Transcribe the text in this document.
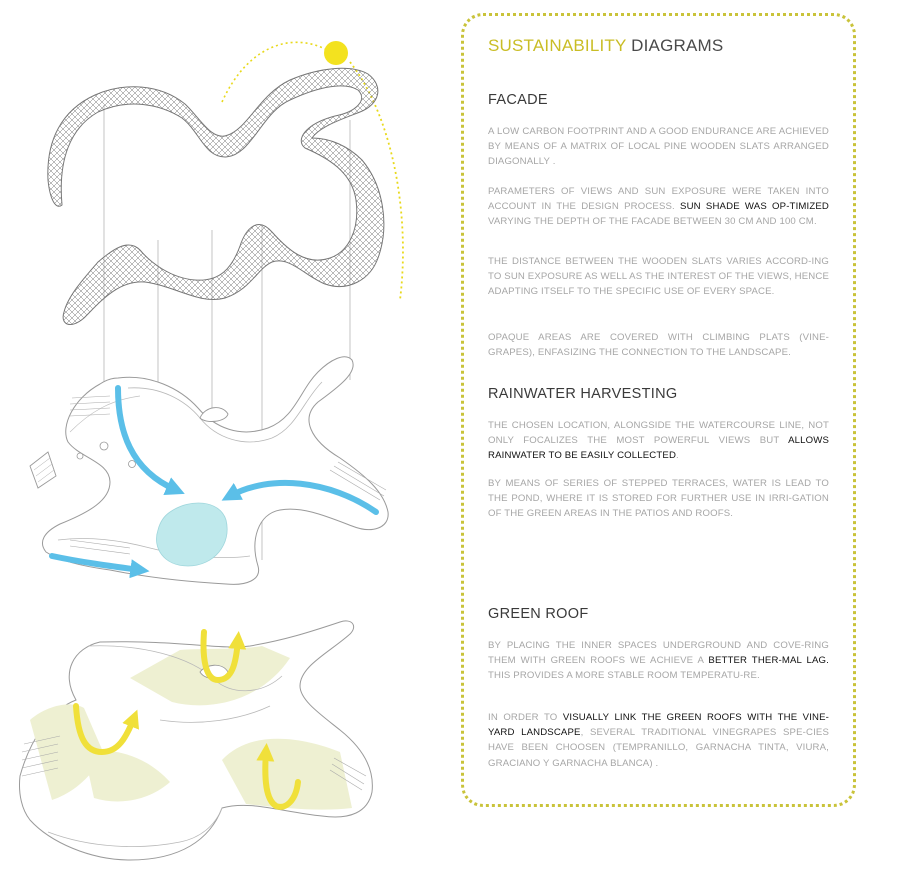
SUSTAINABILITY DIAGRAMS
FACADE

A LOW CARBON FOOTPRINT AND A GOOD ENDURANCE ARE ACHIEVED BY MEANS OF A MATRIX OF LOCAL PINE WOODEN SLATS ARRANGED DIAGONALLY .

PARAMETERS OF VIEWS AND SUN EXPOSURE WERE TAKEN INTO ACCOUNT IN THE DESIGN PROCESS. SUN SHADE WAS OP-TIMIZED VARYING THE DEPTH OF THE FACADE BETWEEN 30 CM AND 100 CM.

THE DISTANCE BETWEEN THE WOODEN SLATS VARIES ACCORD-ING TO SUN EXPOSURE AS WELL AS THE INTEREST OF THE VIEWS, HENCE ADAPTING ITSELF TO THE SPECIFIC USE OF EVERY SPACE.

OPAQUE AREAS ARE COVERED WITH CLIMBING PLATS (VINE-GRAPES), ENFASIZING THE CONNECTION TO THE LANDSCAPE.

RAINWATER HARVESTING

THE CHOSEN LOCATION, ALONGSIDE THE WATERCOURSE LINE, NOT ONLY FOCALIZES THE MOST POWERFUL VIEWS BUT ALLOWS RAINWATER TO BE EASILY COLLECTED.

BY MEANS OF SERIES OF STEPPED TERRACES, WATER IS LEAD TO THE POND, WHERE IT IS STORED FOR FURTHER USE IN IRRI-GATION OF THE GREEN AREAS IN THE PATIOS AND ROOFS.

GREEN ROOF

BY PLACING THE INNER SPACES UNDERGROUND AND COVE-RING THEM WITH GREEN ROOFS WE ACHIEVE A BETTER THER-MAL LAG. THIS PROVIDES A MORE STABLE ROOM TEMPERATU-RE.

IN ORDER TO VISUALLY LINK THE GREEN ROOFS WITH THE VINE-YARD LANDSCAPE, SEVERAL TRADITIONAL VINEGRAPES SPE-CIES HAVE BEEN CHOOSEN (TEMPRANILLO, GARNACHA TINTA, VIURA, GRACIANO Y GARNACHA BLANCA) .
